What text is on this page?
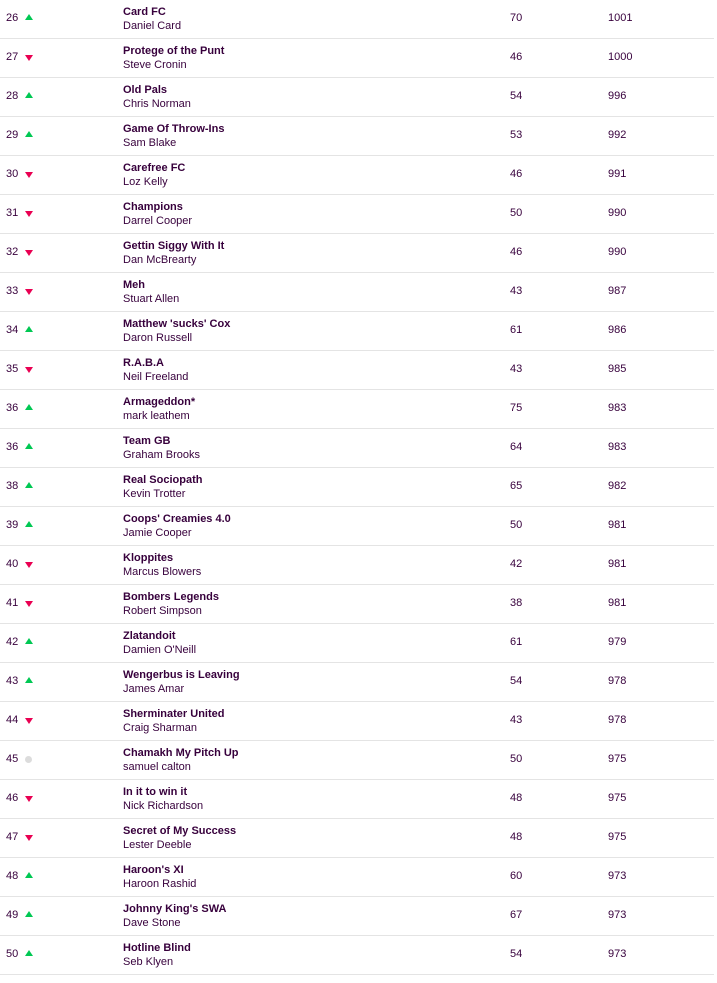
26	Card FC
Daniel Card
70	1001
27	Protege of the Punt
Steve Cronin
46	1000
28	Old Pals
Chris Norman
54	996
29	Game Of Throw-Ins
Sam Blake
53	992
30	Carefree FC
Loz Kelly
46	991
31	Champions
Darrel Cooper
50	990
32	Gettin Siggy With It
Dan McBrearty
46	990
33	Meh
Stuart Allen
43	987
34	Matthew 'sucks' Cox
Daron Russell
61	986
35	R.A.B.A
Neil Freeland
43	985
36	Armageddon*
mark leathem
75	983
36	Team GB
Graham Brooks
64	983
38	Real Sociopath
Kevin Trotter
65	982
39	Coops' Creamies 4.0
Jamie Cooper
50	981
40	Kloppites
Marcus Blowers
42	981
41	Bombers Legends
Robert Simpson
38	981
42	Zlatandoit
Damien O'Neill
61	979
43	Wengerbus is Leaving
James Amar
54	978
44	Sherminater United
Craig Sharman
43	978
45	Chamakh My Pitch Up
samuel calton
50	975
46	In it to win it
Nick Richardson
48	975
47	Secret of My Success
Lester Deeble
48	975
48	Haroon's XI
Haroon Rashid
60	973
49	Johnny King's SWA
Dave Stone
67	973
50	Hotline Blind
Seb Klyen
54	973
